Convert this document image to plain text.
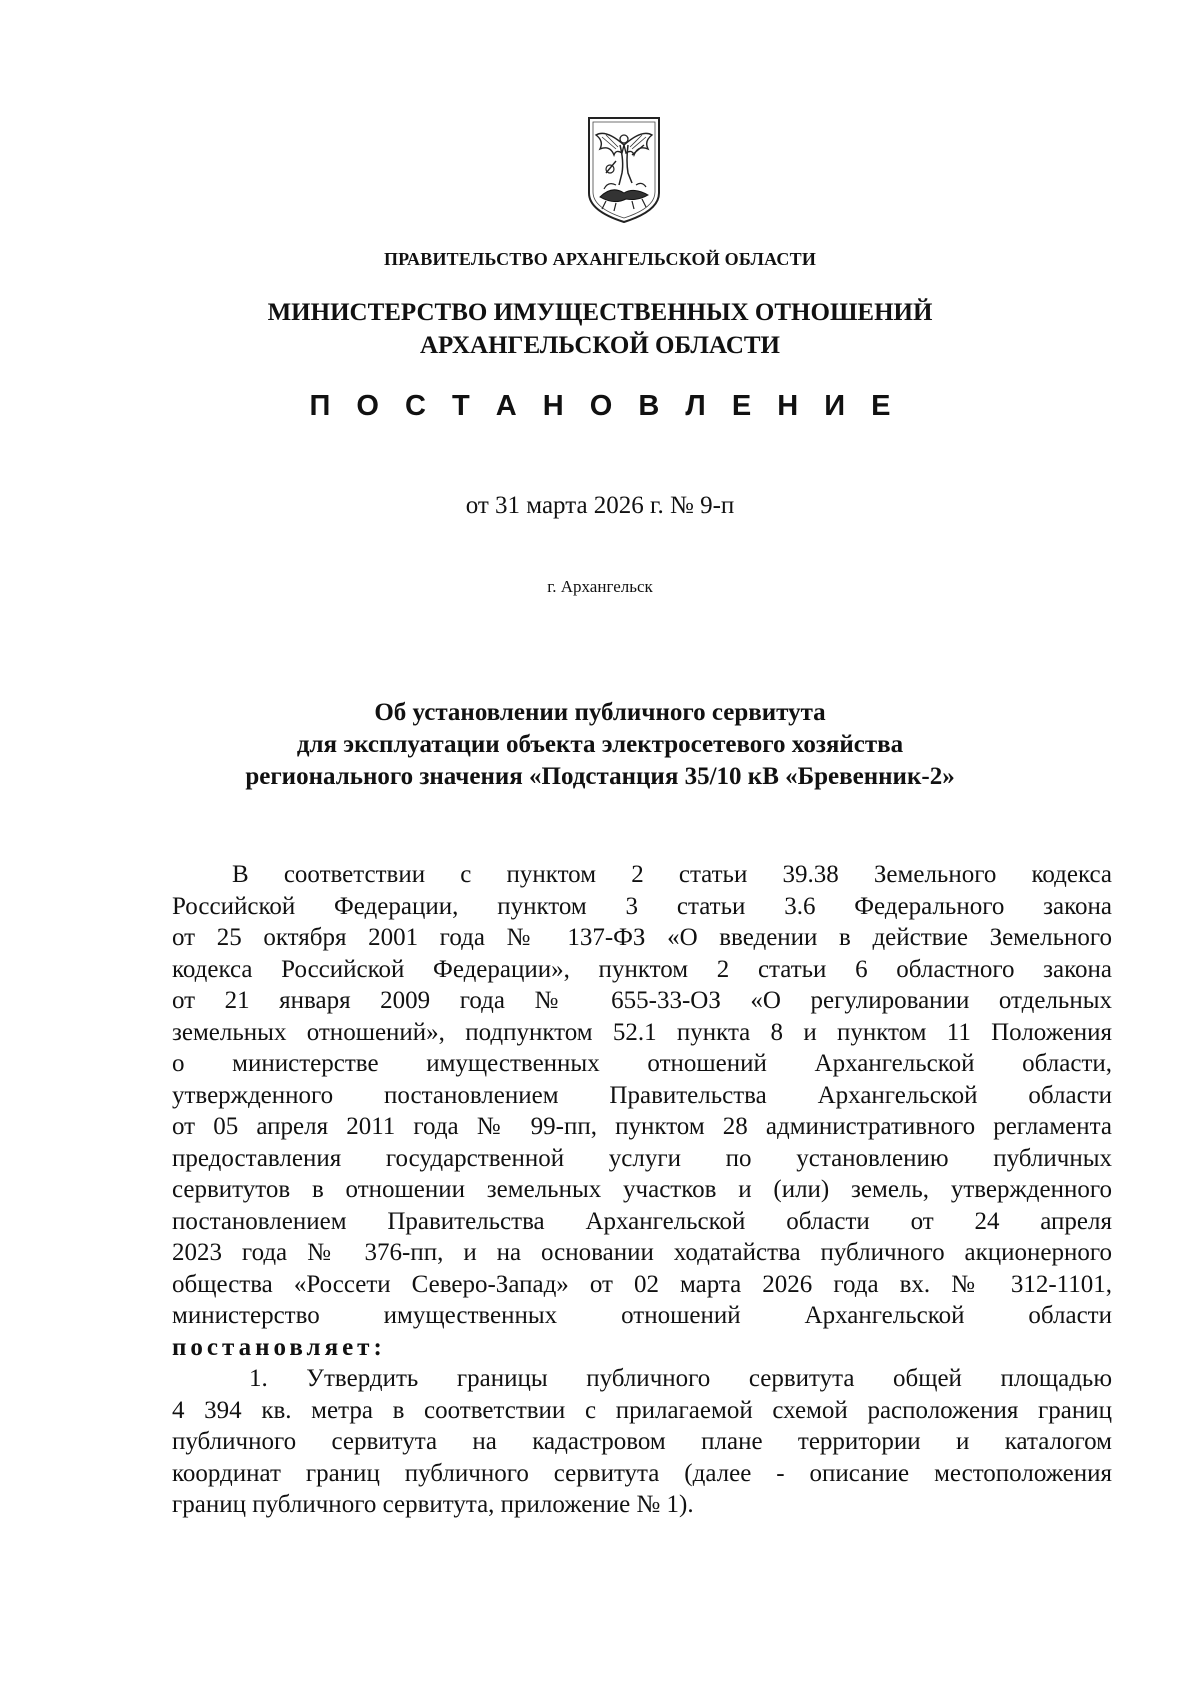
ПРАВИТЕЛЬСТВО АРХАНГЕЛЬСКОЙ ОБЛАСТИ
МИНИСТЕРСТВО ИМУЩЕСТВЕННЫХ ОТНОШЕНИЙ
АРХАНГЕЛЬСКОЙ ОБЛАСТИ
П О С Т А Н О В Л Е Н И Е
от 31 марта 2026 г. № 9-п
г. Архангельск
Об установлении публичного сервитута
для эксплуатации объекта электросетевого хозяйства
регионального значения «Подстанция 35/10 кВ «Бревенник-2»
В соответствии с пунктом 2 статьи 39.38 Земельного кодекса
Российской Федерации, пунктом 3 статьи 3.6 Федерального закона
от 25 октября 2001 года № 137-ФЗ «О введении в действие Земельного
кодекса Российской Федерации», пунктом 2 статьи 6 областного закона
от 21 января 2009 года № 655-33-ОЗ «О регулировании отдельных
земельных отношений», подпунктом 52.1 пункта 8 и пунктом 11 Положения
о министерстве имущественных отношений Архангельской области,
утвержденного постановлением Правительства Архангельской области
от 05 апреля 2011 года № 99-пп, пунктом 28 административного регламента
предоставления государственной услуги по установлению публичных
сервитутов в отношении земельных участков и (или) земель, утвержденного
постановлением Правительства Архангельской области от 24 апреля
2023 года № 376-пп, и на основании ходатайства публичного акционерного
общества «Россети Северо-Запад» от 02 марта 2026 года вх. № 312-1101,
министерство имущественных отношений Архангельской области
постановляет:
1. Утвердить границы публичного сервитута общей площадью
4 394 кв. метра в соответствии с прилагаемой схемой расположения границ
публичного сервитута на кадастровом плане территории и каталогом
координат границ публичного сервитута (далее - описание местоположения
границ публичного сервитута, приложение № 1).
